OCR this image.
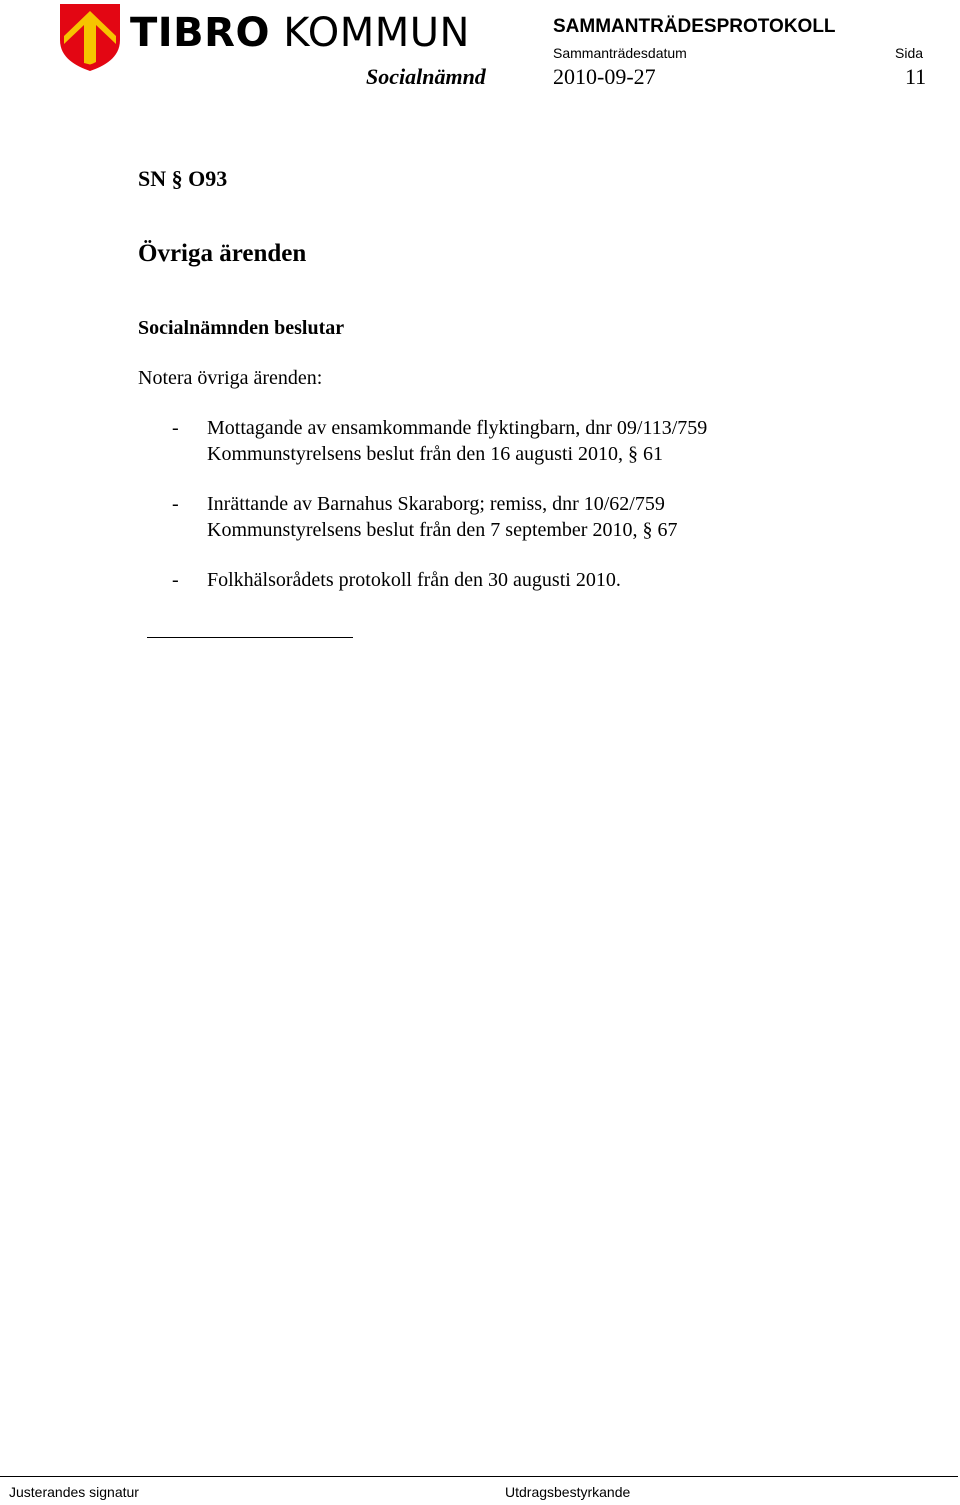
TIBRO KOMMUN	SAMMANTRÄDESPROTOKOLL
Sammanträdesdatum	Sida
Socialnämnd	2010-09-27	11
SN § O93
Övriga ärenden
Socialnämnden beslutar
Notera övriga ärenden:
- Mottagande av ensamkommande flyktingbarn, dnr 09/113/759
Kommunstyrelsens beslut från den 16 augusti 2010, § 61
- Inrättande av Barnahus Skaraborg; remiss, dnr 10/62/759
Kommunstyrelsens beslut från den 7 september 2010, § 67
- Folkhälsorådets protokoll från den 30 augusti 2010.
Justerandes signatur	Utdragsbestyrkande
